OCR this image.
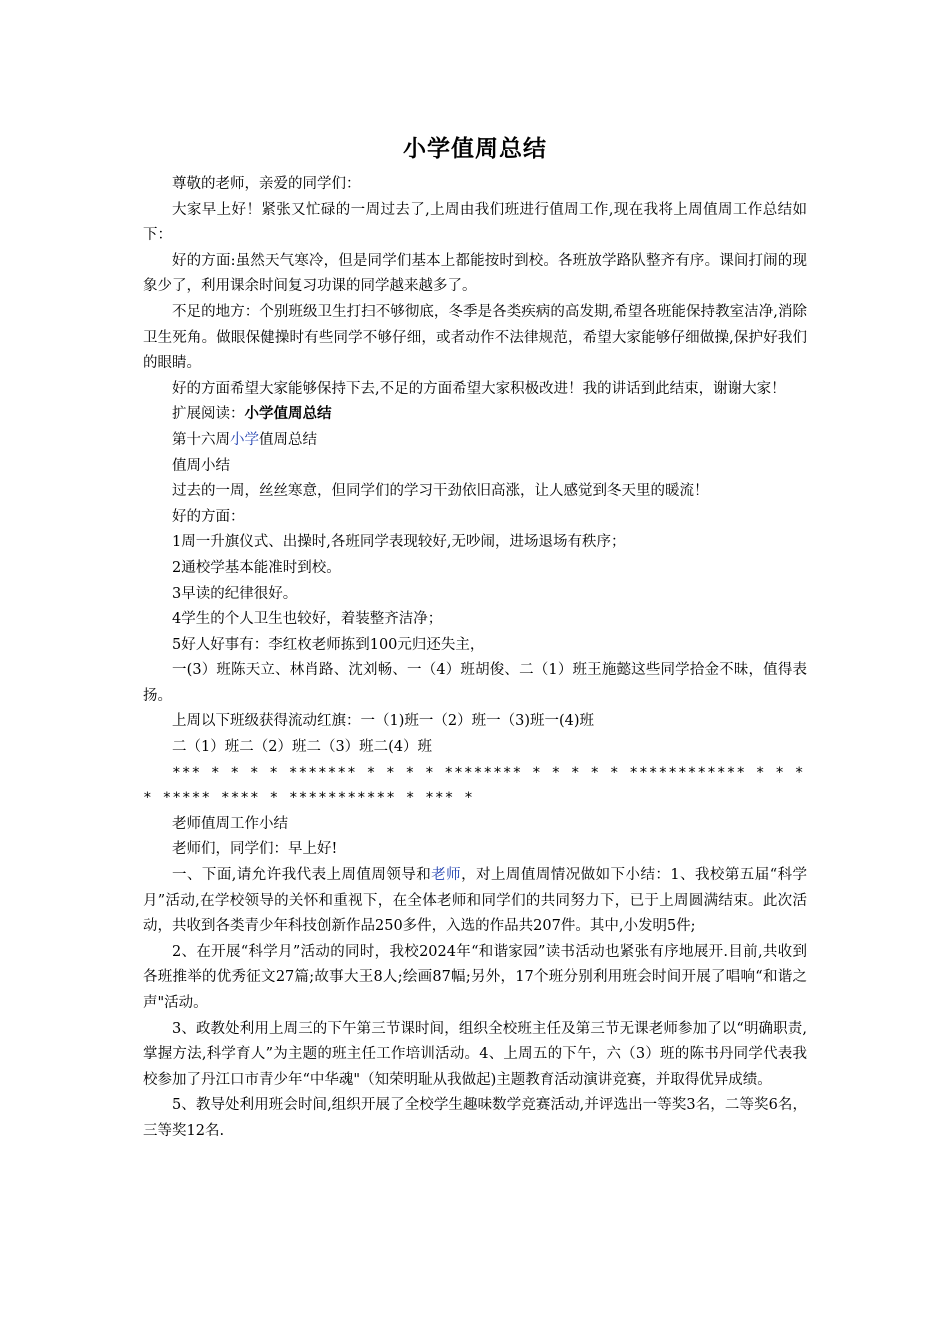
小学值周总结

尊敬的老师，亲爱的同学们：

大家早上好！紧张又忙碌的一周过去了,上周由我们班进行值周工作,现在我将上周值周工作总结如下：

好的方面:虽然天气寒冷，但是同学们基本上都能按时到校。各班放学路队整齐有序。课间打闹的现象少了，利用课余时间复习功课的同学越来越多了。

不足的地方：个别班级卫生打扫不够彻底，冬季是各类疾病的高发期,希望各班能保持教室洁净,消除卫生死角。做眼保健操时有些同学不够仔细，或者动作不法律规范，希望大家能够仔细做操,保护好我们的眼睛。

好的方面希望大家能够保持下去,不足的方面希望大家积极改进！我的讲话到此结束，谢谢大家！

扩展阅读：小学值周总结

第十六周小学值周总结

值周小结

过去的一周，丝丝寒意，但同学们的学习干劲依旧高涨，让人感觉到冬天里的暖流！

好的方面：

1周一升旗仪式、出操时,各班同学表现较好,无吵闹，进场退场有秩序；

2通校学基本能准时到校。

3早读的纪律很好。

4学生的个人卫生也较好，着装整齐洁净；

5好人好事有：李红枚老师拣到100元归还失主，

一(3）班陈天立、林肖路、沈刘畅、一（4）班胡俊、二（1）班王施懿这些同学拾金不昧，值得表扬。

上周以下班级获得流动红旗：一（1)班一（2）班一（3)班一(4)班

二（1）班二（2）班二（3）班二(4）班

*** * * * * ******* * * * * ******** * * * * * ************ * * * * ***** **** * *********** * *** *

老师值周工作小结

老师们，同学们：早上好!

一、下面,请允许我代表上周值周领导和老师，对上周值周情况做如下小结：1、我校第五届“科学月”活动,在学校领导的关怀和重视下，在全体老师和同学们的共同努力下，已于上周圆满结束。此次活动，共收到各类青少年科技创新作品250多件，入选的作品共207件。其中,小发明5件;

2、在开展“科学月”活动的同时，我校2024年“和谐家园”读书活动也紧张有序地展开.目前,共收到各班推举的优秀征文27篇;故事大王8人;绘画87幅;另外，17个班分别利用班会时间开展了唱响“和谐之声"活动。

3、政教处利用上周三的下午第三节课时间，组织全校班主任及第三节无课老师参加了以“明确职责,掌握方法,科学育人”为主题的班主任工作培训活动。4、上周五的下午，六（3）班的陈书丹同学代表我校参加了丹江口市青少年“中华魂"（知荣明耻从我做起)主题教育活动演讲竞赛，并取得优异成绩。

5、教导处利用班会时间,组织开展了全校学生趣味数学竞赛活动,并评选出一等奖3名，二等奖6名，三等奖12名.
